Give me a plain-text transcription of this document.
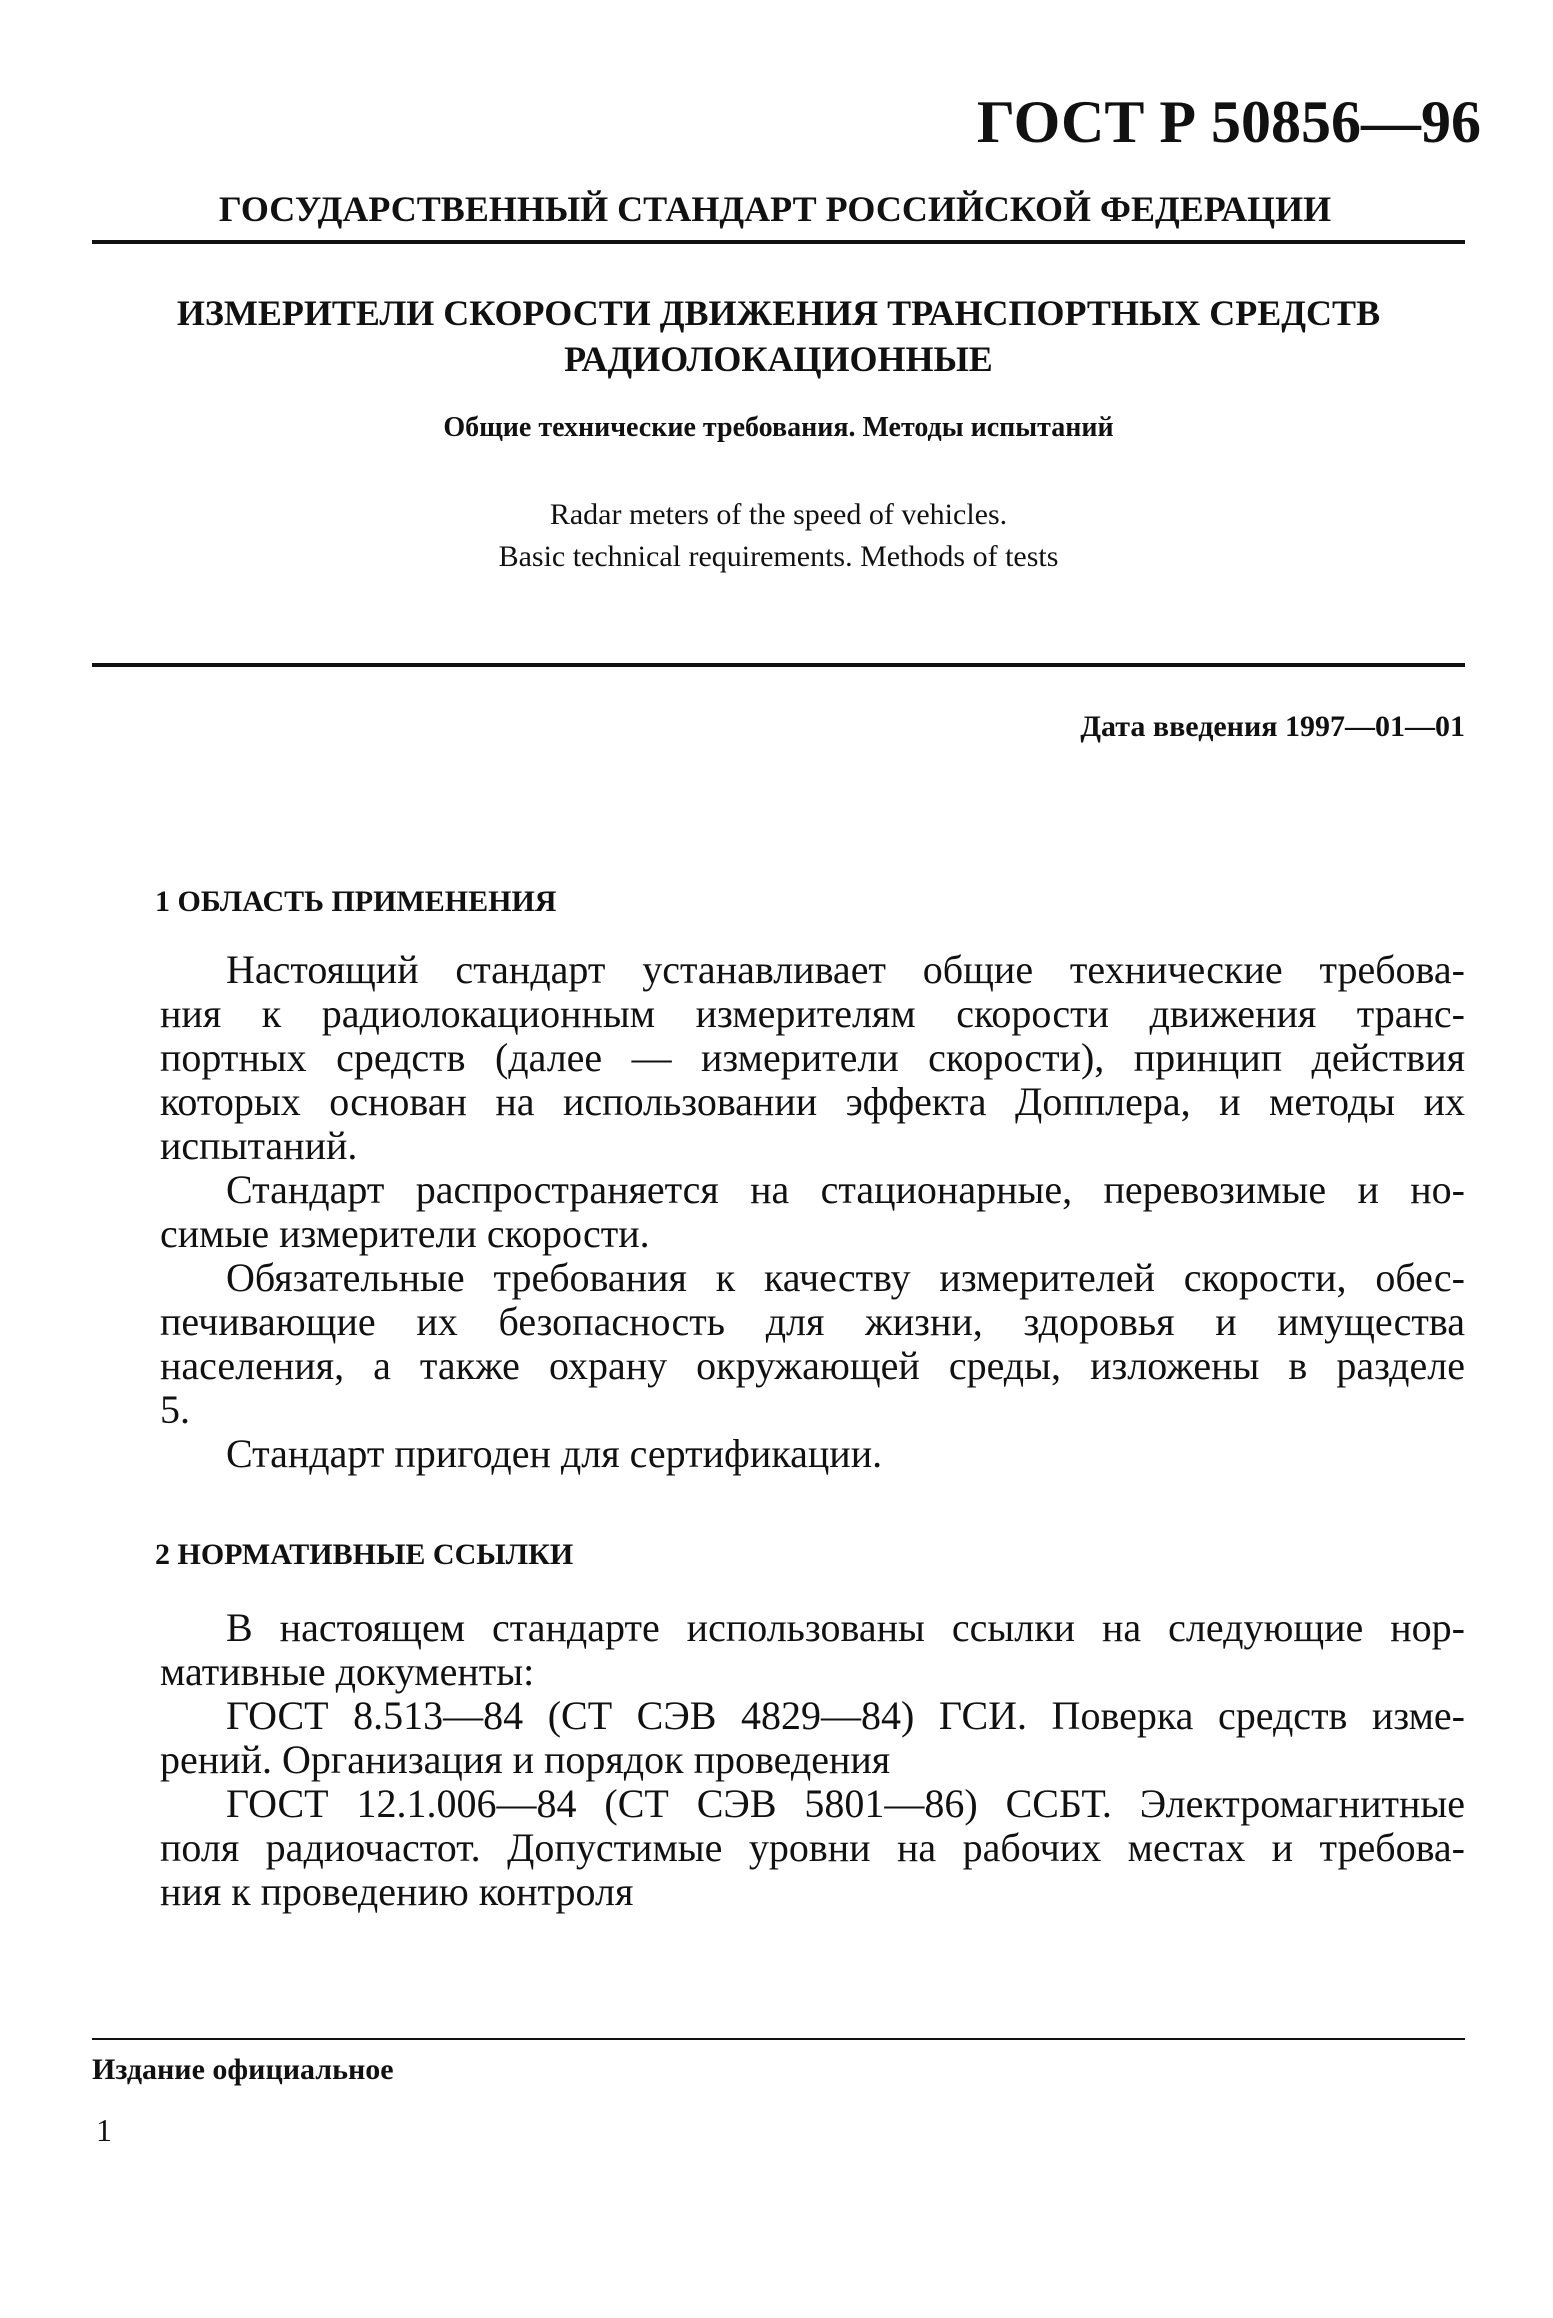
ГОСТ Р 50856—96
ГОСУДАРСТВЕННЫЙ СТАНДАРТ РОССИЙСКОЙ ФЕДЕРАЦИИ
ИЗМЕРИТЕЛИ СКОРОСТИ ДВИЖЕНИЯ ТРАНСПОРТНЫХ СРЕДСТВ
РАДИОЛОКАЦИОННЫЕ
Общие технические требования. Методы испытаний
Radar meters of the speed of vehicles.
Basic technical requirements. Methods of tests
Дата введения 1997—01—01
1 ОБЛАСТЬ ПРИМЕНЕНИЯ
Настоящий стандарт устанавливает общие технические требова-
ния к радиолокационным измерителям скорости движения транс-
портных средств (далее — измерители скорости), принцип действия
которых основан на использовании эффекта Допплера, и методы их
испытаний.
Стандарт распространяется на стационарные, перевозимые и но-
симые измерители скорости.
Обязательные требования к качеству измерителей скорости, обес-
печивающие их безопасность для жизни, здоровья и имущества
населения, а также охрану окружающей среды, изложены в разделе
5.
Стандарт пригоден для сертификации.
2 НОРМАТИВНЫЕ ССЫЛКИ
В настоящем стандарте использованы ссылки на следующие нор-
мативные документы:
ГОСТ 8.513—84 (СТ СЭВ 4829—84) ГСИ. Поверка средств изме-
рений. Организация и порядок проведения
ГОСТ 12.1.006—84 (СТ СЭВ 5801—86) ССБТ. Электромагнитные
поля радиочастот. Допустимые уровни на рабочих местах и требова-
ния к проведению контроля
Издание официальное
1
